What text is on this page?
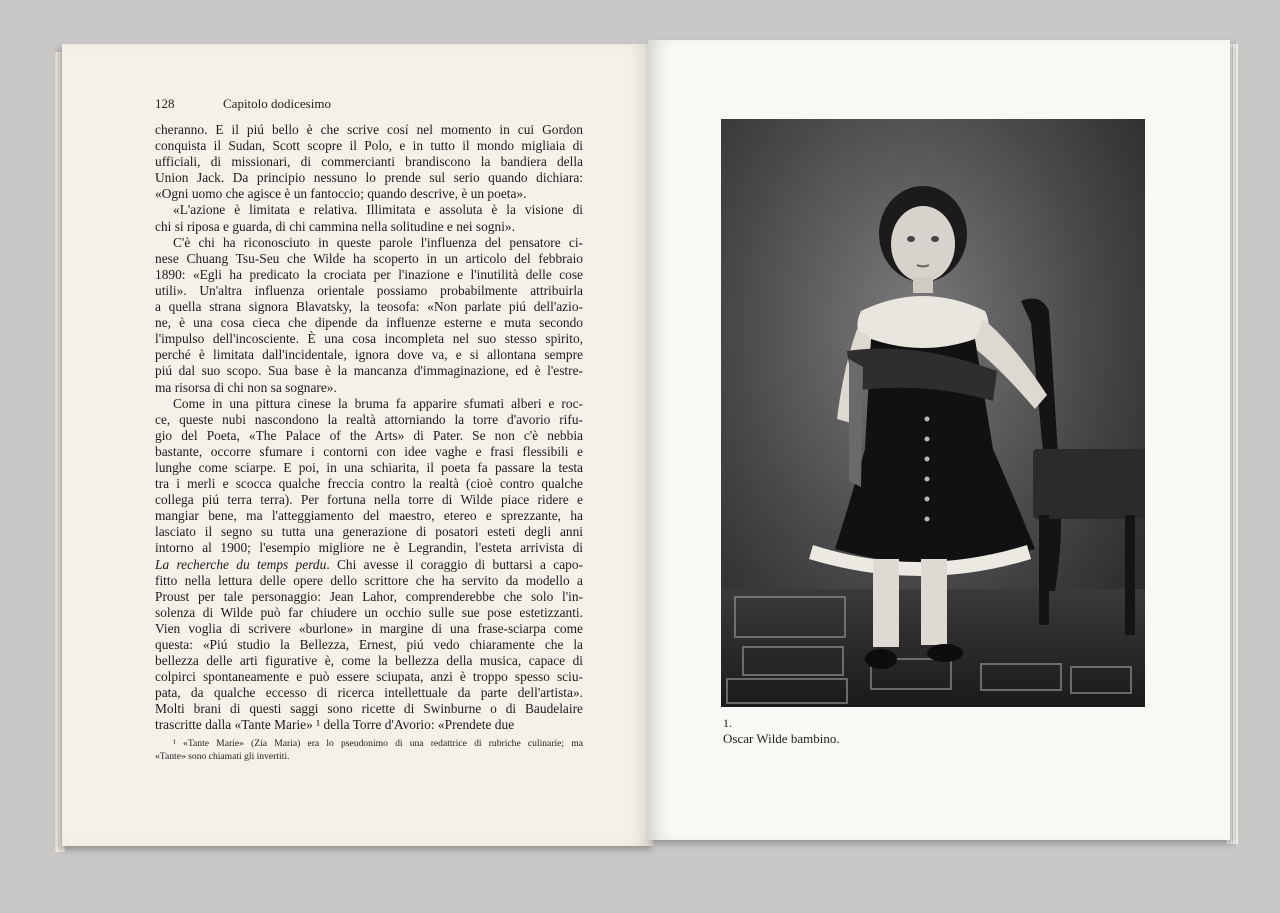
128	Capitolo dodicesimo
cheranno. E il piú bello è che scrive cosí nel momento in cui Gordon
conquista il Sudan, Scott scopre il Polo, e in tutto il mondo migliaia di
ufficiali, di missionari, di commercianti brandiscono la bandiera della
Union Jack. Da principio nessuno lo prende sul serio quando dichiara:
«Ogni uomo che agisce è un fantoccio; quando descrive, è un poeta».
«L'azione è limitata e relativa. Illimitata e assoluta è la visione di
chi si riposa e guarda, di chi cammina nella solitudine e nei sogni».
C'è chi ha riconosciuto in queste parole l'influenza del pensatore ci-
nese Chuang Tsu-Seu che Wilde ha scoperto in un articolo del febbraio
1890: «Egli ha predicato la crociata per l'inazione e l'inutilità delle cose
utili». Un'altra influenza orientale possiamo probabilmente attribuirla
a quella strana signora Blavatsky, la teosofa: «Non parlate piú dell'azio-
ne, è una cosa cieca che dipende da influenze esterne e muta secondo
l'impulso dell'incosciente. È una cosa incompleta nel suo stesso spirito,
perché è limitata dall'incidentale, ignora dove va, e si allontana sempre
piú dal suo scopo. Sua base è la mancanza d'immaginazione, ed è l'estre-
ma risorsa di chi non sa sognare».
Come in una pittura cinese la bruma fa apparire sfumati alberi e roc-
ce, queste nubi nascondono la realtà attorniando la torre d'avorio rifu-
gio del Poeta, «The Palace of the Arts» di Pater. Se non c'è nebbia
bastante, occorre sfumare i contorni con idee vaghe e frasi flessibili e
lunghe come sciarpe. E poi, in una schiarita, il poeta fa passare la testa
tra i merli e scocca qualche freccia contro la realtà (cioè contro qualche
collega piú terra terra). Per fortuna nella torre di Wilde piace ridere e
mangiar bene, ma l'atteggiamento del maestro, etereo e sprezzante, ha
lasciato il segno su tutta una generazione di posatori esteti degli anni
intorno al 1900; l'esempio migliore ne è Legrandin, l'esteta arrivista di
La recherche du temps perdu. Chi avesse il coraggio di buttarsi a capo-
fitto nella lettura delle opere dello scrittore che ha servito da modello a
Proust per tale personaggio: Jean Lahor, comprenderebbe che solo l'in-
solenza di Wilde può far chiudere un occhio sulle sue pose estetizzanti.
Vien voglia di scrivere «burlone» in margine di una frase-sciarpa come
questa: «Piú studio la Bellezza, Ernest, piú vedo chiaramente che la
bellezza delle arti figurative è, come la bellezza della musica, capace di
colpirci spontaneamente e può essere sciupata, anzi è troppo spesso sciu-
pata, da qualche eccesso di ricerca intellettuale da parte dell'artista».
Molti brani di questi saggi sono ricette di Swinburne o di Baudelaire
trascritte dalla «Tante Marie» ¹ della Torre d'Avorio: «Prendete due
¹ «Tante Marie» (Zia Maria) era lo pseudonimo di una redattrice di rubriche culinarie; ma
«Tante» sono chiamati gli invertiti.
1.
Oscar Wilde bambino.
